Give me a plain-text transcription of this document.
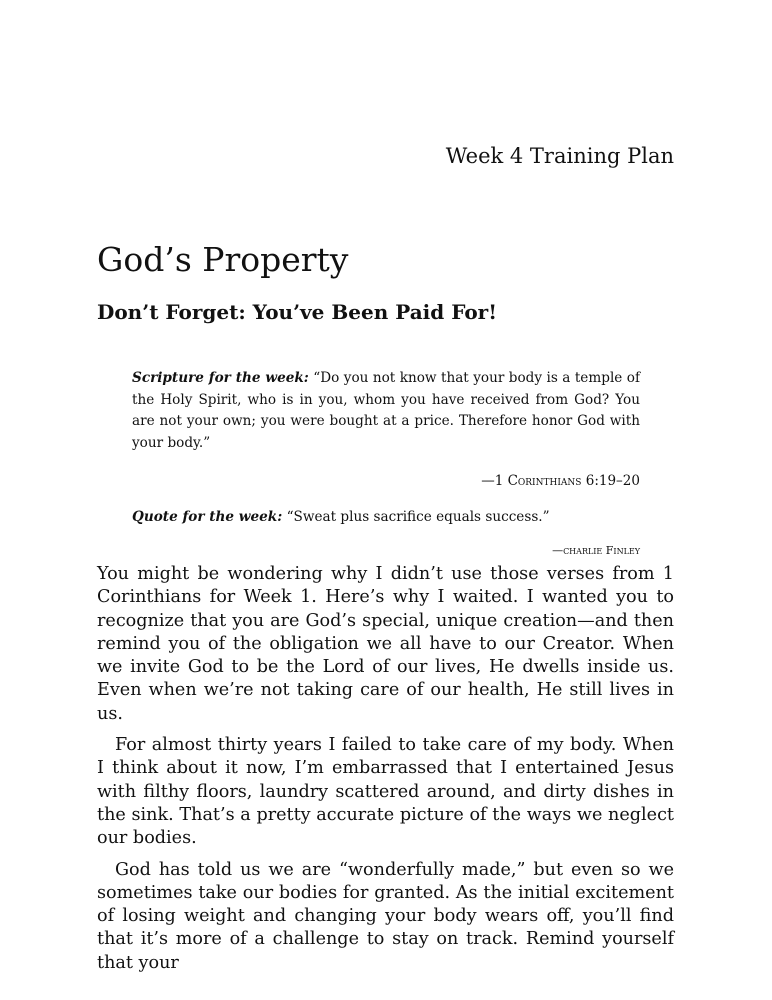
Week 4 Training Plan
God’s Property
Don’t Forget: You’ve Been Paid For!

Scripture for the week: “Do you not know that your body is a temple of the Holy Spirit, who is in you, whom you have received from God? You are not your own; you were bought at a price. Therefore honor God with your body.”

—1 Corinthians 6:19–20

Quote for the week: “Sweat plus sacrifice equals success.”

—charlie Finley

You might be wondering why I didn’t use those verses from 1 Corinthians for Week 1. Here’s why I waited. I wanted you to recognize that you are God’s special, unique creation—and then remind you of the obligation we all have to our Creator. When we invite God to be the Lord of our lives, He dwells inside us. Even when we’re not taking care of our health, He still lives in us.

For almost thirty years I failed to take care of my body. When I think about it now, I’m embarrassed that I entertained Jesus with filthy floors, laundry scattered around, and dirty dishes in the sink. That’s a pretty accurate picture of the ways we neglect our bodies.

God has told us we are “wonderfully made,” but even so we sometimes take our bodies for granted. As the initial excitement of losing weight and changing your body wears off, you’ll find that it’s more of a challenge to stay on track. Remind yourself that your
